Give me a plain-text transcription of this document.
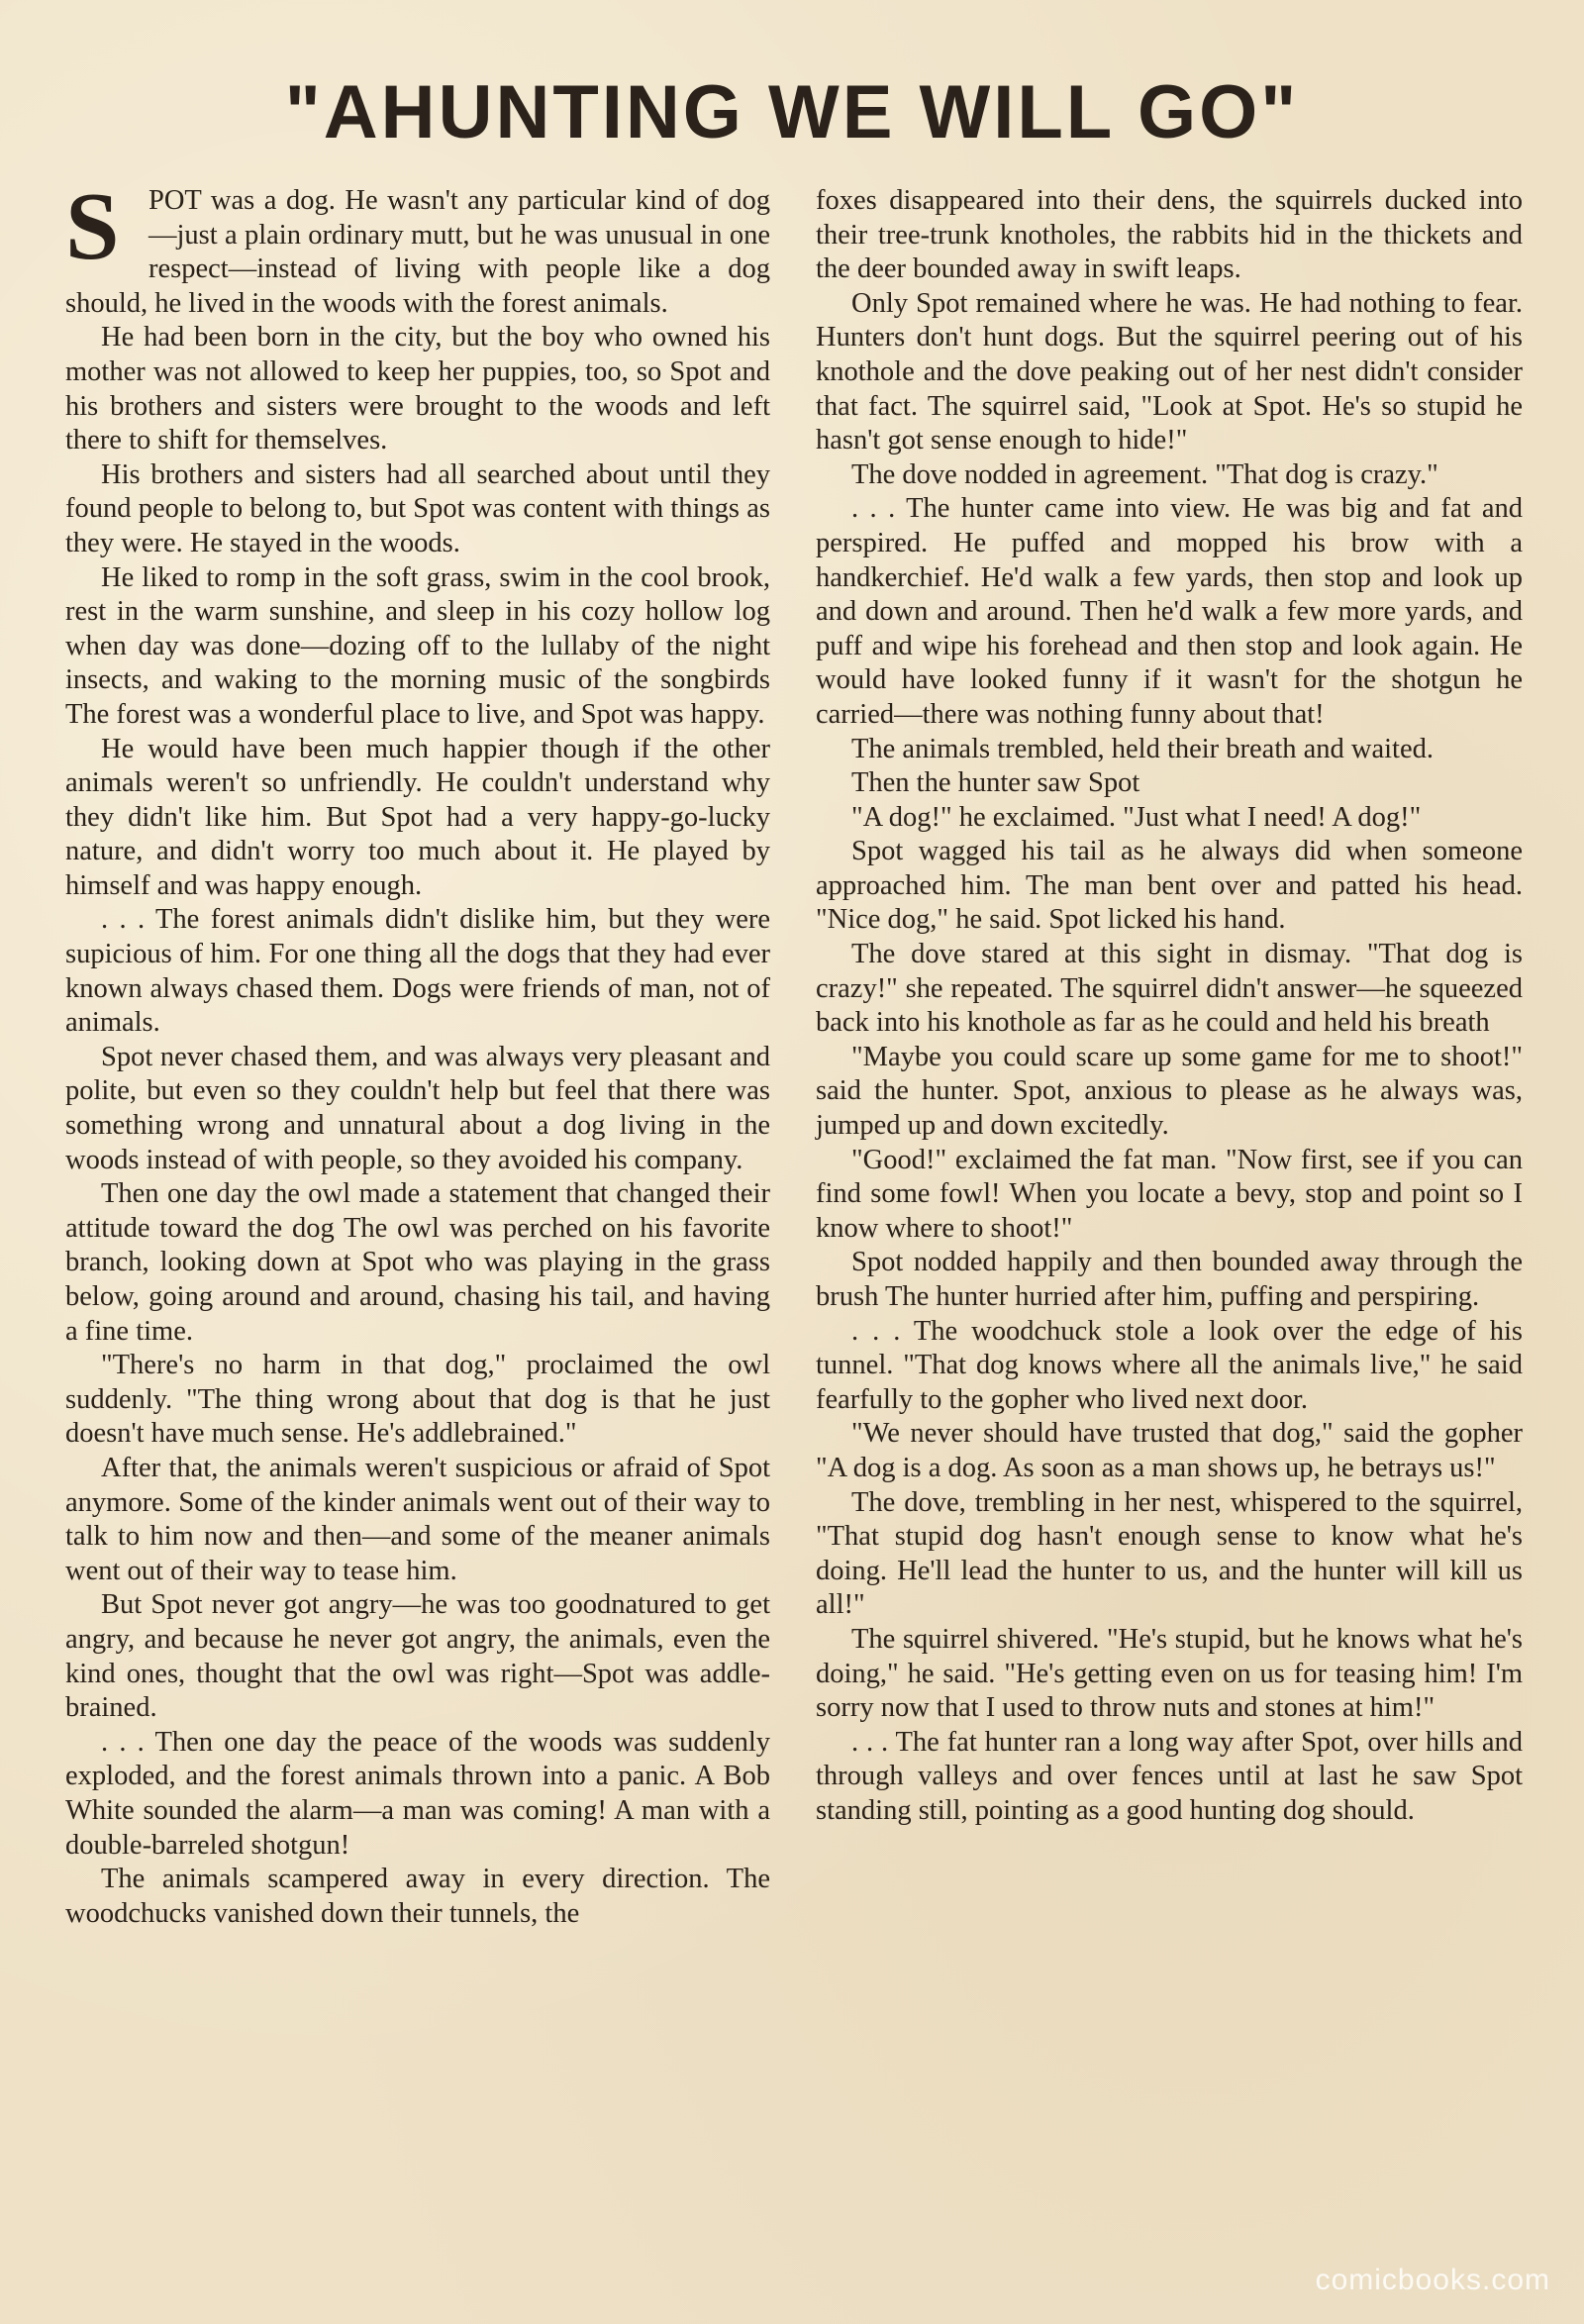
"AHUNTING WE WILL GO"

S	POT was a dog. He wasn't any particular kind of dog—just a plain ordinary mutt, but he was unusual in one respect—instead of living with people like a dog should, he lived in the woods with the forest animals.

He had been born in the city, but the boy who owned his mother was not allowed to keep her puppies, too, so Spot and his brothers and sisters were brought to the woods and left there to shift for themselves.

His brothers and sisters had all searched about until they found people to belong to, but Spot was content with things as they were. He stayed in the woods.

He liked to romp in the soft grass, swim in the cool brook, rest in the warm sunshine, and sleep in his cozy hollow log when day was done—dozing off to the lullaby of the night insects, and waking to the morning music of the songbirds The forest was a wonderful place to live, and Spot was happy.

He would have been much happier though if the other animals weren't so unfriendly. He couldn't understand why they didn't like him. But Spot had a very happy-go-lucky nature, and didn't worry too much about it. He played by himself and was happy enough.

. . . The forest animals didn't dislike him, but they were supicious of him. For one thing all the dogs that they had ever known always chased them. Dogs were friends of man, not of animals.

Spot never chased them, and was always very pleasant and polite, but even so they couldn't help but feel that there was something wrong and unnatural about a dog living in the woods instead of with people, so they avoided his company.

Then one day the owl made a statement that changed their attitude toward the dog The owl was perched on his favorite branch, looking down at Spot who was playing in the grass below, going around and around, chasing his tail, and having a fine time.

"There's no harm in that dog," proclaimed the owl suddenly. "The thing wrong about that dog is that he just doesn't have much sense. He's addlebrained."

After that, the animals weren't suspicious or afraid of Spot anymore. Some of the kinder animals went out of their way to talk to him now and then—and some of the meaner animals went out of their way to tease him.

But Spot never got angry—he was too goodnatured to get angry, and because he never got angry, the animals, even the kind ones, thought that the owl was right—Spot was addle-brained.

. . . Then one day the peace of the woods was suddenly exploded, and the forest animals thrown into a panic. A Bob White sounded the alarm—a man was coming! A man with a double-barreled shotgun!

The animals scampered away in every direction. The woodchucks vanished down their tunnels, the

foxes disappeared into their dens, the squirrels ducked into their tree-trunk knotholes, the rabbits hid in the thickets and the deer bounded away in swift leaps.

Only Spot remained where he was. He had nothing to fear. Hunters don't hunt dogs. But the squirrel peering out of his knothole and the dove peaking out of her nest didn't consider that fact. The squirrel said, "Look at Spot. He's so stupid he hasn't got sense enough to hide!"

The dove nodded in agreement. "That dog is crazy."

. . . The hunter came into view. He was big and fat and perspired. He puffed and mopped his brow with a handkerchief. He'd walk a few yards, then stop and look up and down and around. Then he'd walk a few more yards, and puff and wipe his forehead and then stop and look again. He would have looked funny if it wasn't for the shotgun he carried—there was nothing funny about that!

The animals trembled, held their breath and waited.

Then the hunter saw Spot

"A dog!" he exclaimed. "Just what I need! A dog!"

Spot wagged his tail as he always did when someone approached him. The man bent over and patted his head. "Nice dog," he said. Spot licked his hand.

The dove stared at this sight in dismay. "That dog is crazy!" she repeated. The squirrel didn't answer—he squeezed back into his knothole as far as he could and held his breath

"Maybe you could scare up some game for me to shoot!" said the hunter. Spot, anxious to please as he always was, jumped up and down excitedly.

"Good!" exclaimed the fat man. "Now first, see if you can find some fowl! When you locate a bevy, stop and point so I know where to shoot!"

Spot nodded happily and then bounded away through the brush The hunter hurried after him, puffing and perspiring.

. . . The woodchuck stole a look over the edge of his tunnel. "That dog knows where all the animals live," he said fearfully to the gopher who lived next door.

"We never should have trusted that dog," said the gopher "A dog is a dog. As soon as a man shows up, he betrays us!"

The dove, trembling in her nest, whispered to the squirrel, "That stupid dog hasn't enough sense to know what he's doing. He'll lead the hunter to us, and the hunter will kill us all!"

The squirrel shivered. "He's stupid, but he knows what he's doing," he said. "He's getting even on us for teasing him! I'm sorry now that I used to throw nuts and stones at him!"

. . . The fat hunter ran a long way after Spot, over hills and through valleys and over fences until at last he saw Spot standing still, pointing as a good hunting dog should.

comicbooks.com
